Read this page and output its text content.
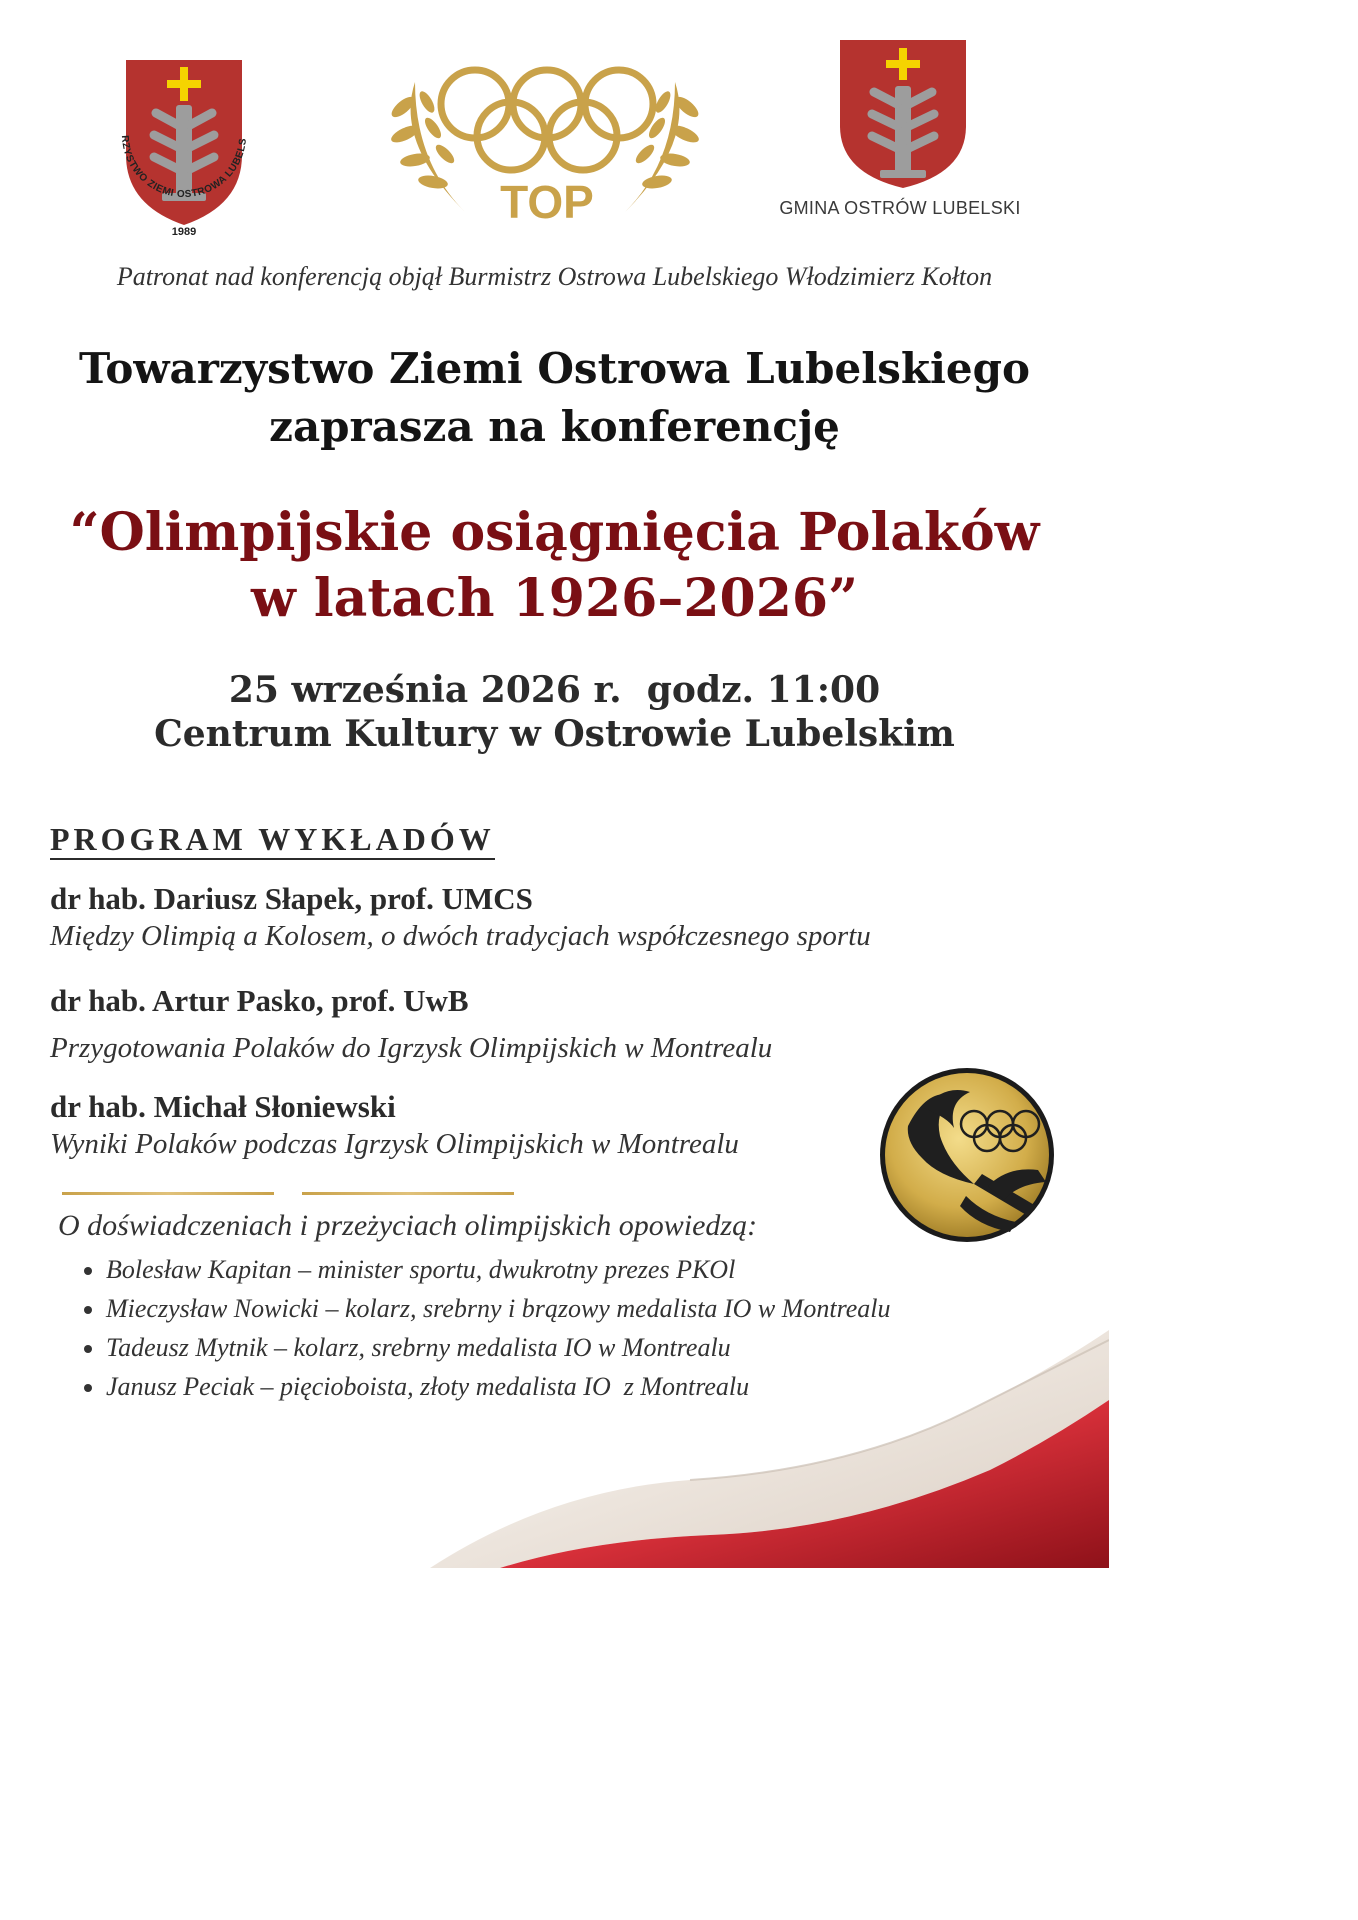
RZYSTWO ZIEMI OSTROWA LUBELS
1989
TOP	GMINA OSTRÓW LUBELSKI
Patronat nad konferencją objął Burmistrz Ostrowa Lubelskiego Włodzimierz Kołton
Towarzystwo Ziemi Ostrowa Lubelskiego
zaprasza na konferencję
“Olimpijskie osiągnięcia Polaków
w latach 1926–2026”
25 września 2026 r.  godz. 11:00
Centrum Kultury w Ostrowie Lubelskim
PROGRAM WYKŁADÓW
dr hab. Dariusz Słapek, prof. UMCS
Między Olimpią a Kolosem, o dwóch tradycjach współczesnego sportu
dr hab. Artur Pasko, prof. UwB
Przygotowania Polaków do Igrzysk Olimpijskich w Montrealu
dr hab. Michał Słoniewski
Wyniki Polaków podczas Igrzysk Olimpijskich w Montrealu
O doświadczeniach i przeżyciach olimpijskich opowiedzą:
• Bolesław Kapitan – minister sportu, dwukrotny prezes PKOl
• Mieczysław Nowicki – kolarz, srebrny i brązowy medalista IO w Montrealu
• Tadeusz Mytnik – kolarz, srebrny medalista IO w Montrealu
• Janusz Peciak – pięcioboista, złoty medalista IO  z Montrealu
